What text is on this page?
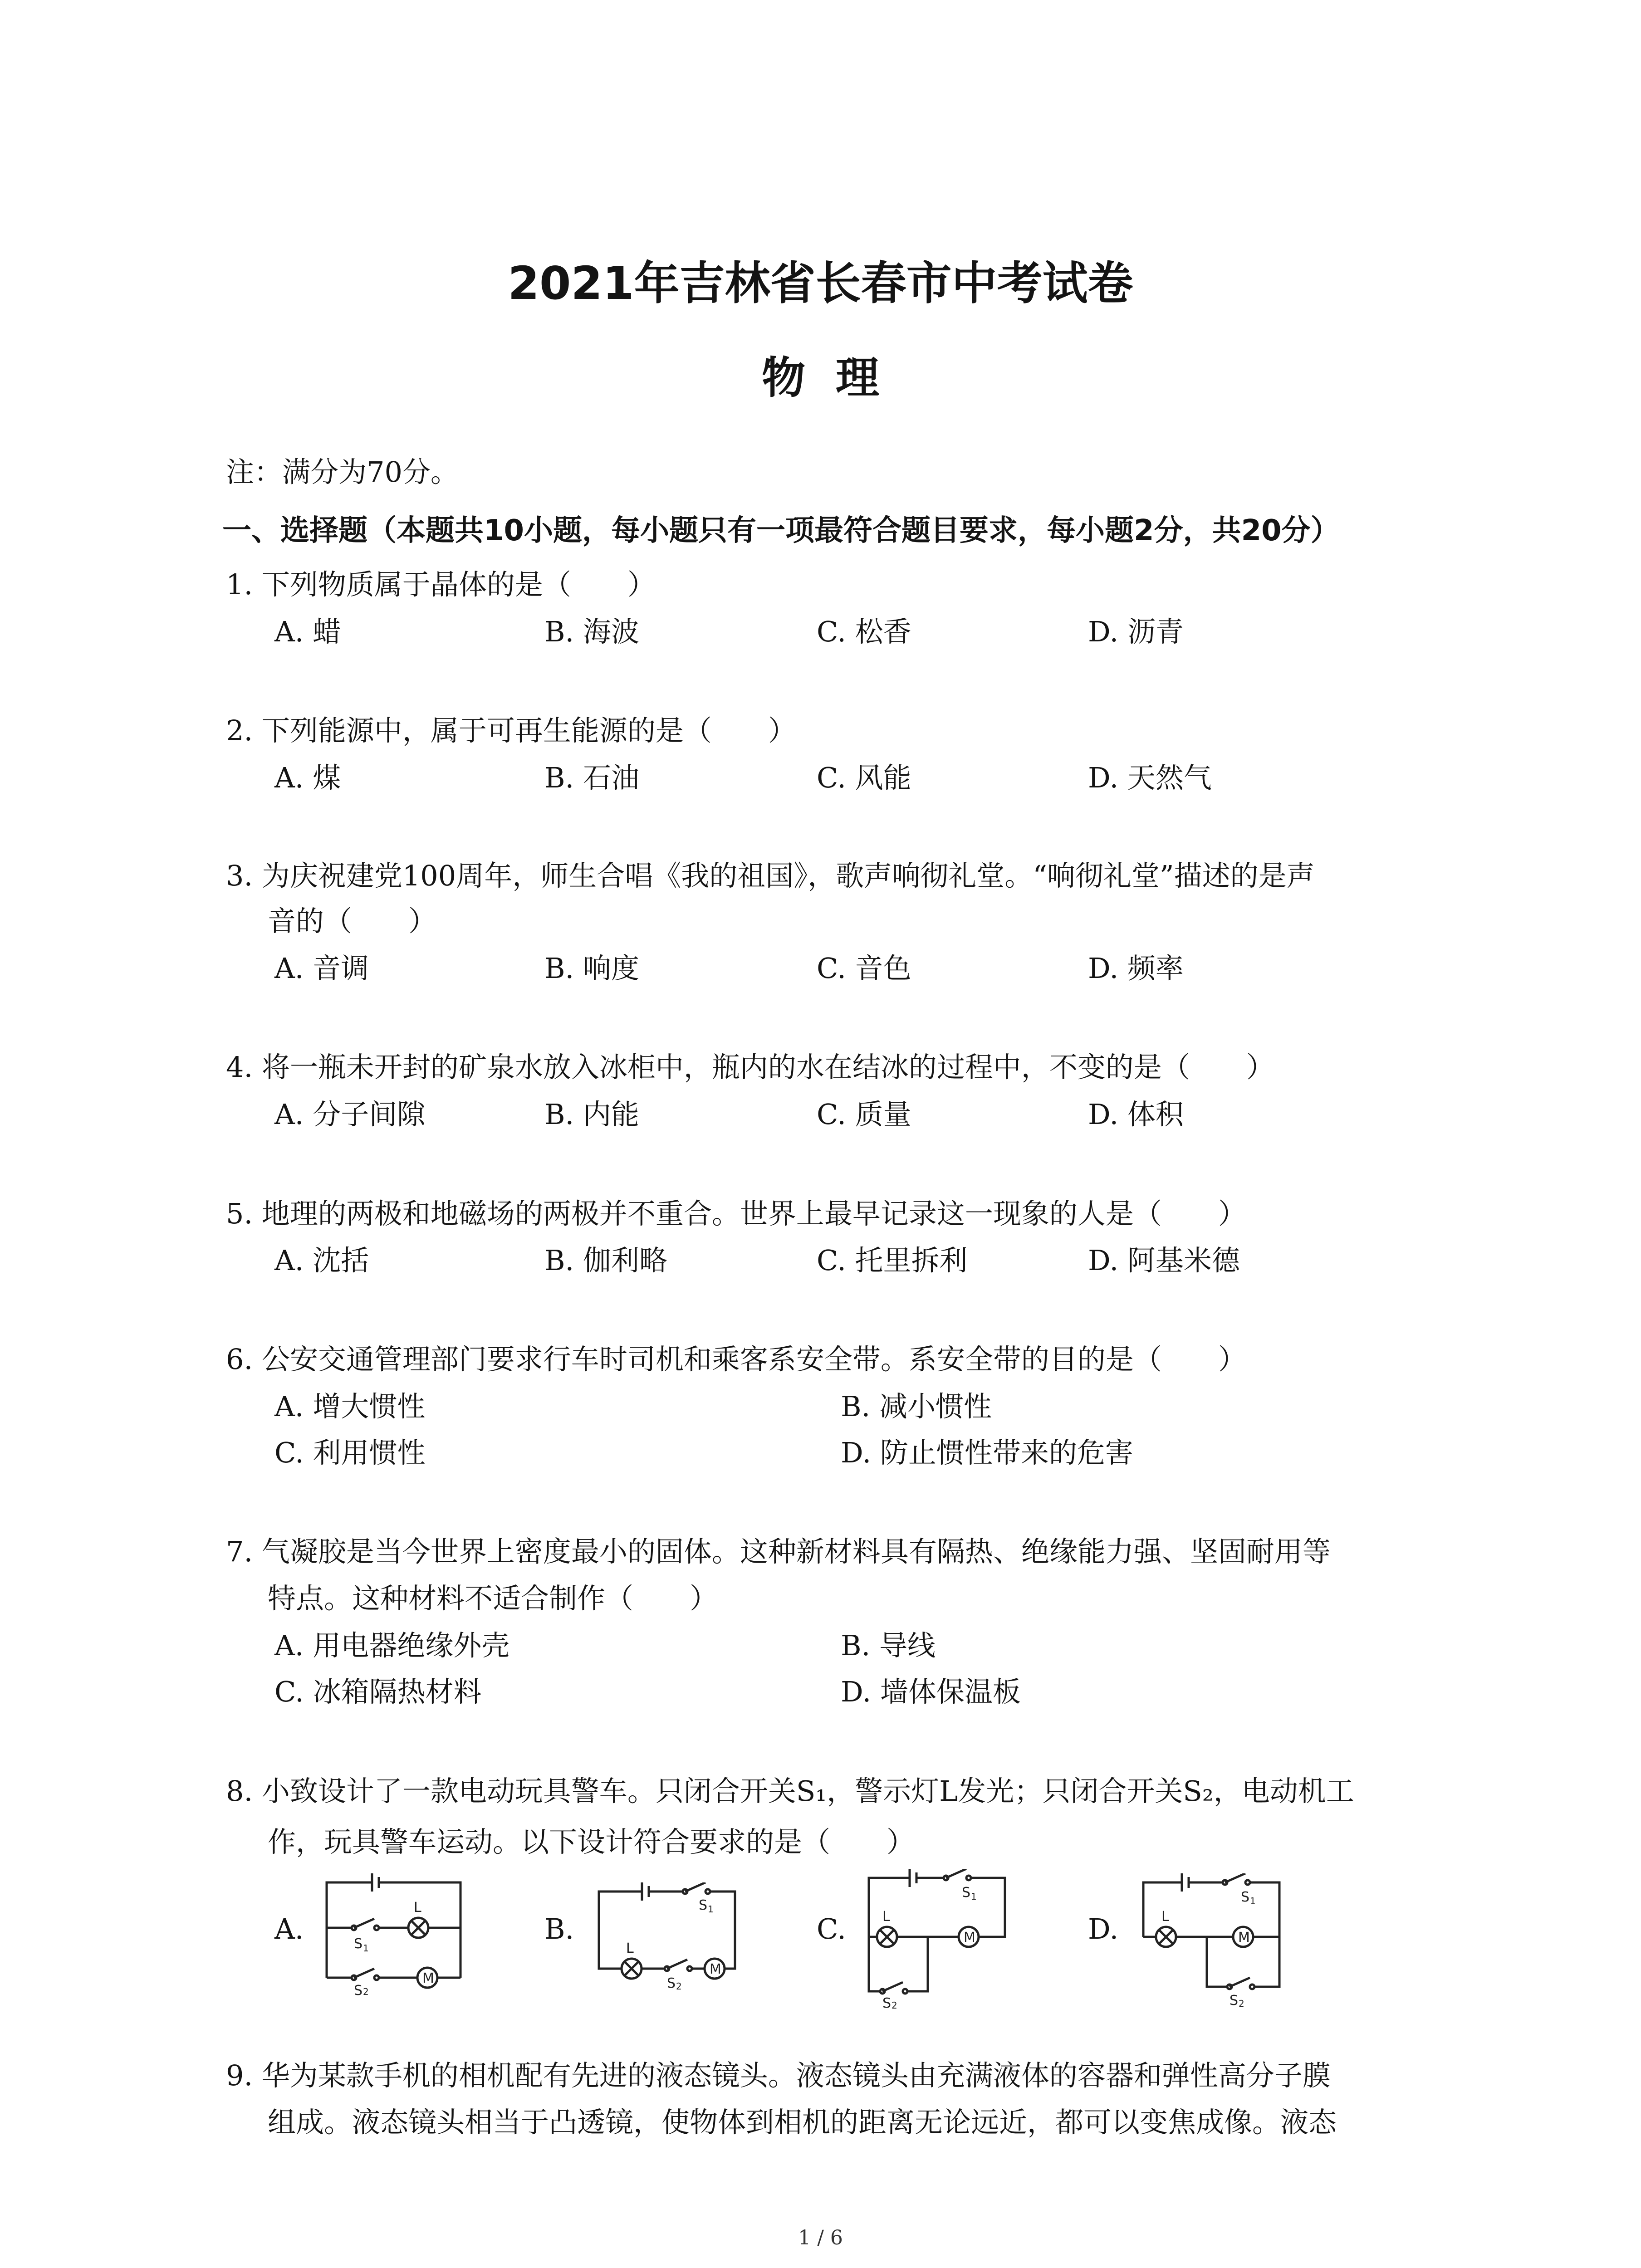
2021年吉林省长春市中考试卷
物  理
注：满分为70分。
一、选择题（本题共10小题，每小题只有一项最符合题目要求，每小题2分，共20分）
1. 下列物质属于晶体的是（　　）
A. 蜡	B. 海波	C. 松香	D. 沥青
2. 下列能源中，属于可再生能源的是（　　）
A. 煤	B. 石油	C. 风能	D. 天然气
3. 为庆祝建党100周年，师生合唱《我的祖国》，歌声响彻礼堂。“响彻礼堂”描述的是声
音的（　　）
A. 音调	B. 响度	C. 音色	D. 频率
4. 将一瓶未开封的矿泉水放入冰柜中，瓶内的水在结冰的过程中，不变的是（　　）
A. 分子间隙	B. 内能	C. 质量	D. 体积
5. 地理的两极和地磁场的两极并不重合。世界上最早记录这一现象的人是（　　）
A. 沈括	B. 伽利略	C. 托里拆利	D. 阿基米德
6. 公安交通管理部门要求行车时司机和乘客系安全带。系安全带的目的是（　　）
A. 增大惯性	B. 减小惯性
C. 利用惯性	D. 防止惯性带来的危害
7. 气凝胶是当今世界上密度最小的固体。这种新材料具有隔热、绝缘能力强、坚固耐用等
特点。这种材料不适合制作（　　）
A. 用电器绝缘外壳	B. 导线
C. 冰箱隔热材料	D. 墙体保温板
8. 小致设计了一款电动玩具警车。只闭合开关S₁，警示灯L发光；只闭合开关S₂，电动机工
作，玩具警车运动。以下设计符合要求的是（　　）
A.	B.	C.	D.
L
S 1
S 2
M
S 1
L
S 2
M
S 1
L
M
S 2
S 1
L
M
S 2
9. 华为某款手机的相机配有先进的液态镜头。液态镜头由充满液体的容器和弹性高分子膜
组成。液态镜头相当于凸透镜，使物体到相机的距离无论远近，都可以变焦成像。液态
1 / 6
